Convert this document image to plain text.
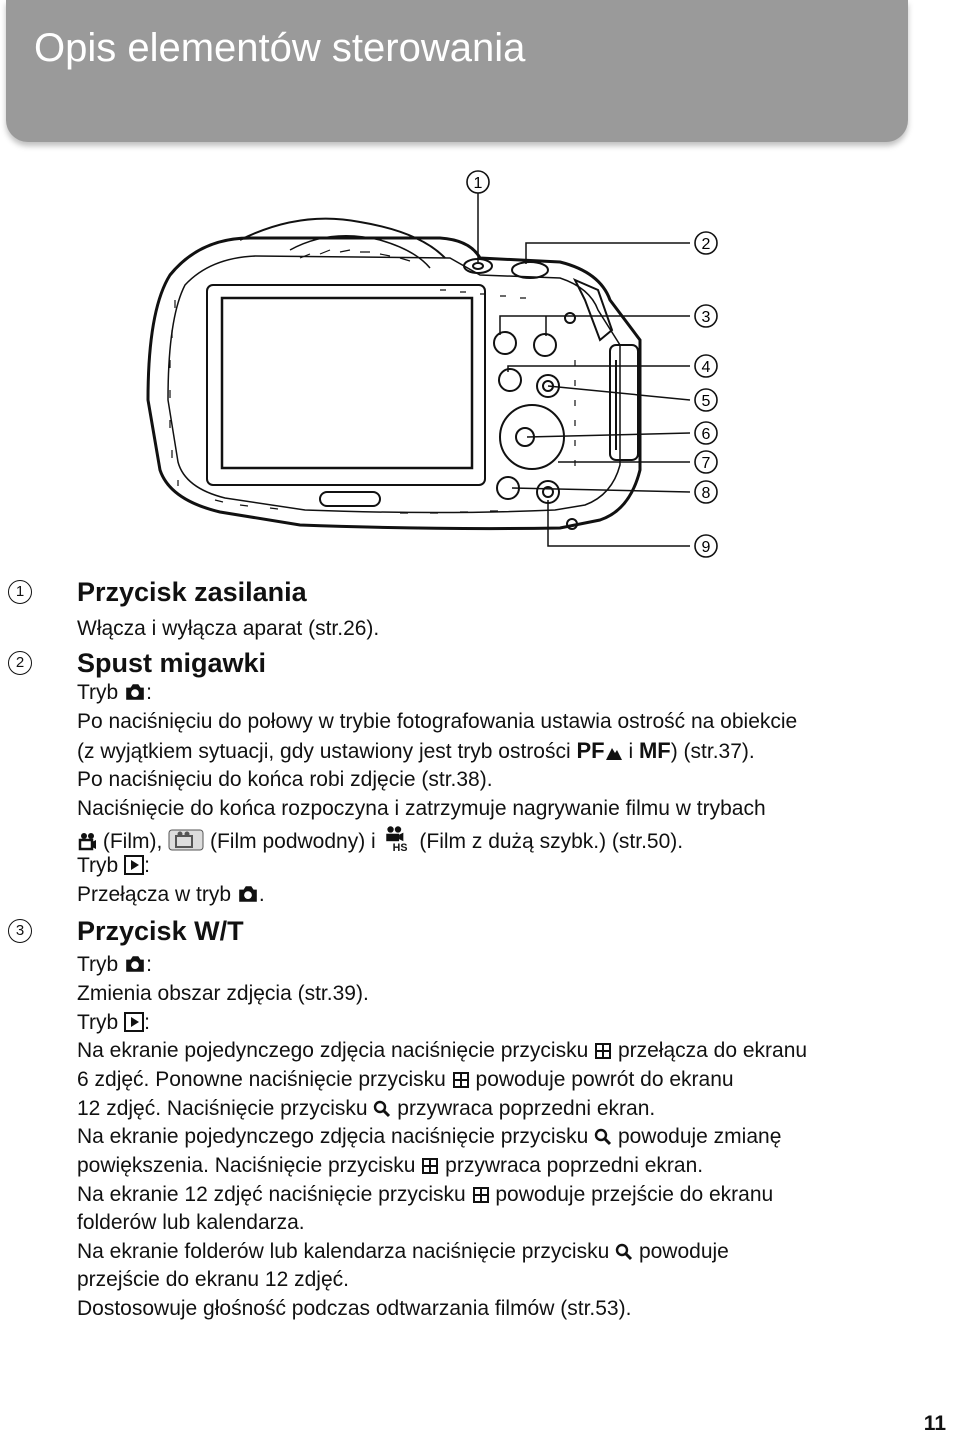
Opis elementów sterowania
1
2
3
4
5
6
7
8
9
1 Przycisk zasilania
Włącza i wyłącza aparat (str.26).
2 Spust migawki
Tryb :
Po naciśnięciu do połowy w trybie fotografowania ustawia ostrość na obiekcie
(z wyjątkiem sytuacji, gdy ustawiony jest tryb ostrości PF i MF) (str.37).
Po naciśnięciu do końca robi zdjęcie (str.38).
Naciśnięcie do końca rozpoczyna i zatrzymuje nagrywanie filmu w trybach
(Film),  (Film podwodny) i  (Film z dużą szybk.) (str.50).
Tryb :
Przełącza w tryb .
3 Przycisk W/T
Tryb :
Zmienia obszar zdjęcia (str.39).
Tryb :
Na ekranie pojedynczego zdjęcia naciśnięcie przycisku  przełącza do ekranu
6 zdjęć. Ponowne naciśnięcie przycisku  powoduje powrót do ekranu
12 zdjęć. Naciśnięcie przycisku  przywraca poprzedni ekran.
Na ekranie pojedynczego zdjęcia naciśnięcie przycisku  powoduje zmianę
powiększenia. Naciśnięcie przycisku  przywraca poprzedni ekran.
Na ekranie 12 zdjęć naciśnięcie przycisku  powoduje przejście do ekranu
folderów lub kalendarza.
Na ekranie folderów lub kalendarza naciśnięcie przycisku  powoduje
przejście do ekranu 12 zdjęć.
Dostosowuje głośność podczas odtwarzania filmów (str.53).
11
